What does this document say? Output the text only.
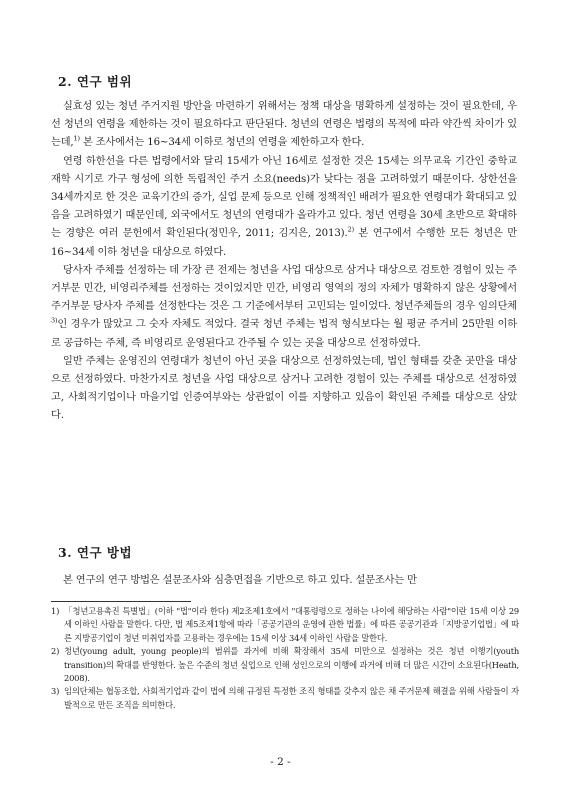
2. 연구 범위

실효성 있는 청년 주거지원 방안을 마련하기 위해서는 정책 대상을 명확하게 설정하는 것이 필요한데, 우선 청년의 연령을 제한하는 것이 필요하다고 판단된다. 청년의 연령은 법령의 목적에 따라 약간씩 차이가 있는데,$^{1)}$ 본 조사에서는 16~34세 이하로 청년의 연령을 제한하고자 한다.

연령 하한선을 다른 법령에서와 달리 15세가 아닌 16세로 설정한 것은 15세는 의무교육 기간인 중학교 재학 시기로 가구 형성에 의한 독립적인 주거 소요(needs)가 낮다는 점을 고려하였기 때문이다. 상한선을 34세까지로 한 것은 교육기간의 증가, 실업 문제 등으로 인해 정책적인 배려가 필요한 연령대가 확대되고 있음을 고려하였기 때문인데, 외국에서도 청년의 연령대가 올라가고 있다. 청년 연령을 30세 초반으로 확대하는 경향은 여러 문헌에서 확인된다(정민우, 2011; 김지은, 2013).$^{2)}$ 본 연구에서 수행한 모든 청년은 만 16~34세 이하 청년을 대상으로 하였다.

당사자 주체를 선정하는 데 가장 큰 전제는 청년을 사업 대상으로 삼거나 대상으로 검토한 경험이 있는 주거부문 민간, 비영리주체를 선정하는 것이었지만 민간, 비영리 영역의 정의 자체가 명확하지 않은 상황에서 주거부문 당사자 주체를 선정한다는 것은 그 기준에서부터 고민되는 일이었다. 청년주체들의 경우 임의단체$^{3)}$인 경우가 많았고 그 숫자 자체도 적었다. 결국 청년 주체는 법적 형식보다는 월 평균 주거비 25만원 이하로 공급하는 주체, 즉 비영리로 운영된다고 간주될 수 있는 곳을 대상으로 선정하였다.

일반 주체는 운영진의 연령대가 청년이 아닌 곳을 대상으로 선정하였는데, 법인 형태를 갖춘 곳만을 대상으로 선정하였다. 마찬가지로 청년을 사업 대상으로 삼거나 고려한 경험이 있는 주체를 대상으로 선정하였고, 사회적기업이나 마을기업 인증여부와는 상관없이 이를 지향하고 있음이 확인된 주체를 대상으로 삼았다.

3. 연구 방법

본 연구의 연구 방법은 설문조사와 심층면접을 기반으로 하고 있다. 설문조사는 만

1) 「청년고용촉진 특별법」(이하 "법"이라 한다) 제2조제1호에서 "대통령령으로 정하는 나이에 해당하는 사람"이란 15세 이상 29세 이하인 사람을 말한다. 다만, 법 제5조제1항에 따라「공공기관의 운영에 관한 법률」에 따른 공공기관과「지방공기업법」에 따른 지방공기업이 청년 미취업자를 고용하는 경우에는 15세 이상 34세 이하인 사람을 말한다.
2) 청년(young adult, young people)의 범위를 과거에 비해 확장해서 35세 미만으로 설정하는 것은 청년 이행기(youth transition)의 확대를 반영한다. 높은 수준의 청년 실업으로 인해 성인으로의 이행에 과거에 비해 더 많은 시간이 소요된다(Heath, 2008).
3) 임의단체는 협동조합, 사회적기업과 같이 법에 의해 규정된 특정한 조직 형태를 갖추지 않은 채 주거문제 해결을 위해 사람들이 자발적으로 만든 조직을 의미한다.
- 2 -
